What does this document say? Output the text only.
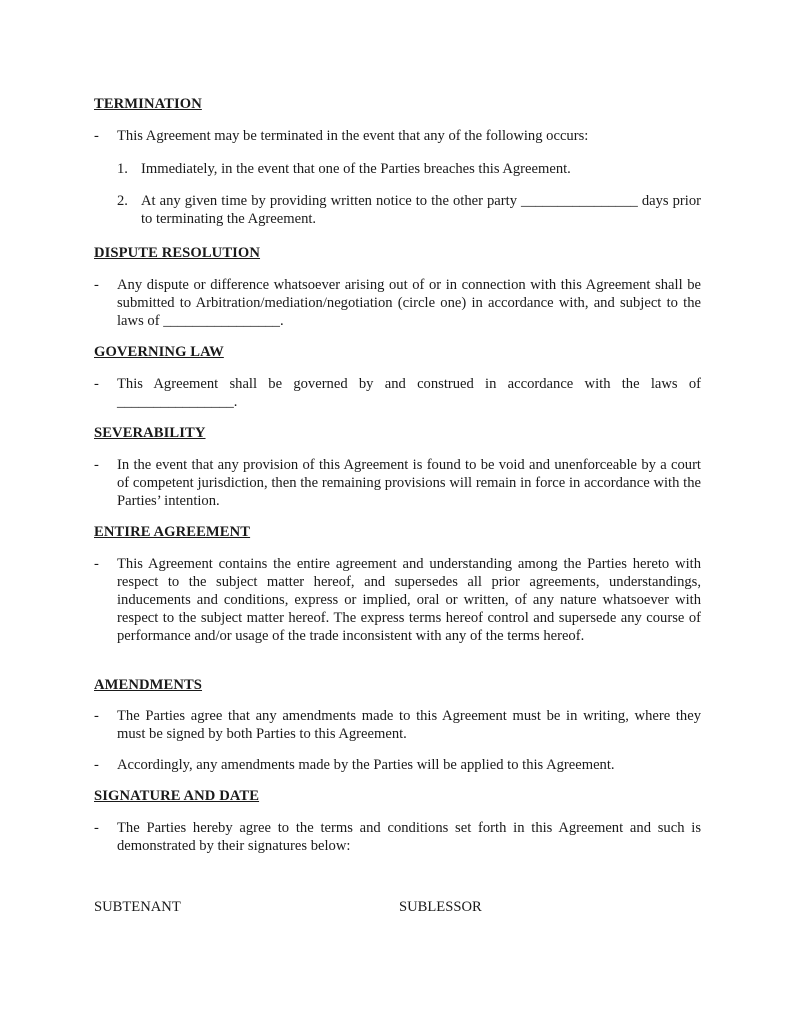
TERMINATION
-	This Agreement may be terminated in the event that any of the following occurs:
1. Immediately, in the event that one of the Parties breaches this Agreement.
2. At any given time by providing written notice to the other party ________________ days prior to terminating the Agreement.
DISPUTE RESOLUTION
-	Any dispute or difference whatsoever arising out of or in connection with this Agreement shall be submitted to Arbitration/mediation/negotiation (circle one) in accordance with, and subject to the laws of ________________.
GOVERNING LAW
-	This Agreement shall be governed by and construed in accordance with the laws of ________________.
SEVERABILITY
-	In the event that any provision of this Agreement is found to be void and unenforceable by a court of competent jurisdiction, then the remaining provisions will remain in force in accordance with the Parties’ intention.
ENTIRE AGREEMENT
-	This Agreement contains the entire agreement and understanding among the Parties hereto with respect to the subject matter hereof, and supersedes all prior agreements, understandings, inducements and conditions, express or implied, oral or written, of any nature whatsoever with respect to the subject matter hereof. The express terms hereof control and supersede any course of performance and/or usage of the trade inconsistent with any of the terms hereof.
AMENDMENTS
-	The Parties agree that any amendments made to this Agreement must be in writing, where they must be signed by both Parties to this Agreement.
-	Accordingly, any amendments made by the Parties will be applied to this Agreement.
SIGNATURE AND DATE
-	The Parties hereby agree to the terms and conditions set forth in this Agreement and such is demonstrated by their signatures below:
SUBTENANT	SUBLESSOR
